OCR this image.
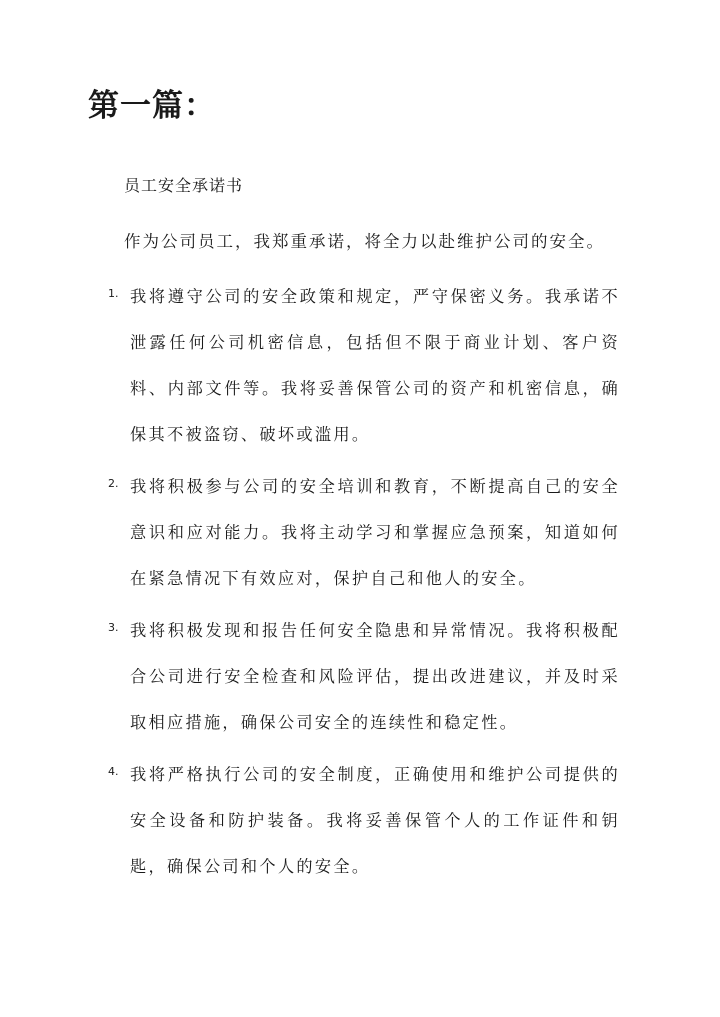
第一篇：

员工安全承诺书

作为公司员工，我郑重承诺，将全力以赴维护公司的安全。

1. 我将遵守公司的安全政策和规定，严守保密义务。我承诺不泄露任何公司机密信息，包括但不限于商业计划、客户资料、内部文件等。我将妥善保管公司的资产和机密信息，确保其不被盗窃、破坏或滥用。

2. 我将积极参与公司的安全培训和教育，不断提高自己的安全意识和应对能力。我将主动学习和掌握应急预案，知道如何在紧急情况下有效应对，保护自己和他人的安全。

3. 我将积极发现和报告任何安全隐患和异常情况。我将积极配合公司进行安全检查和风险评估，提出改进建议，并及时采取相应措施，确保公司安全的连续性和稳定性。

4. 我将严格执行公司的安全制度，正确使用和维护公司提供的安全设备和防护装备。我将妥善保管个人的工作证件和钥匙，确保公司和个人的安全。
